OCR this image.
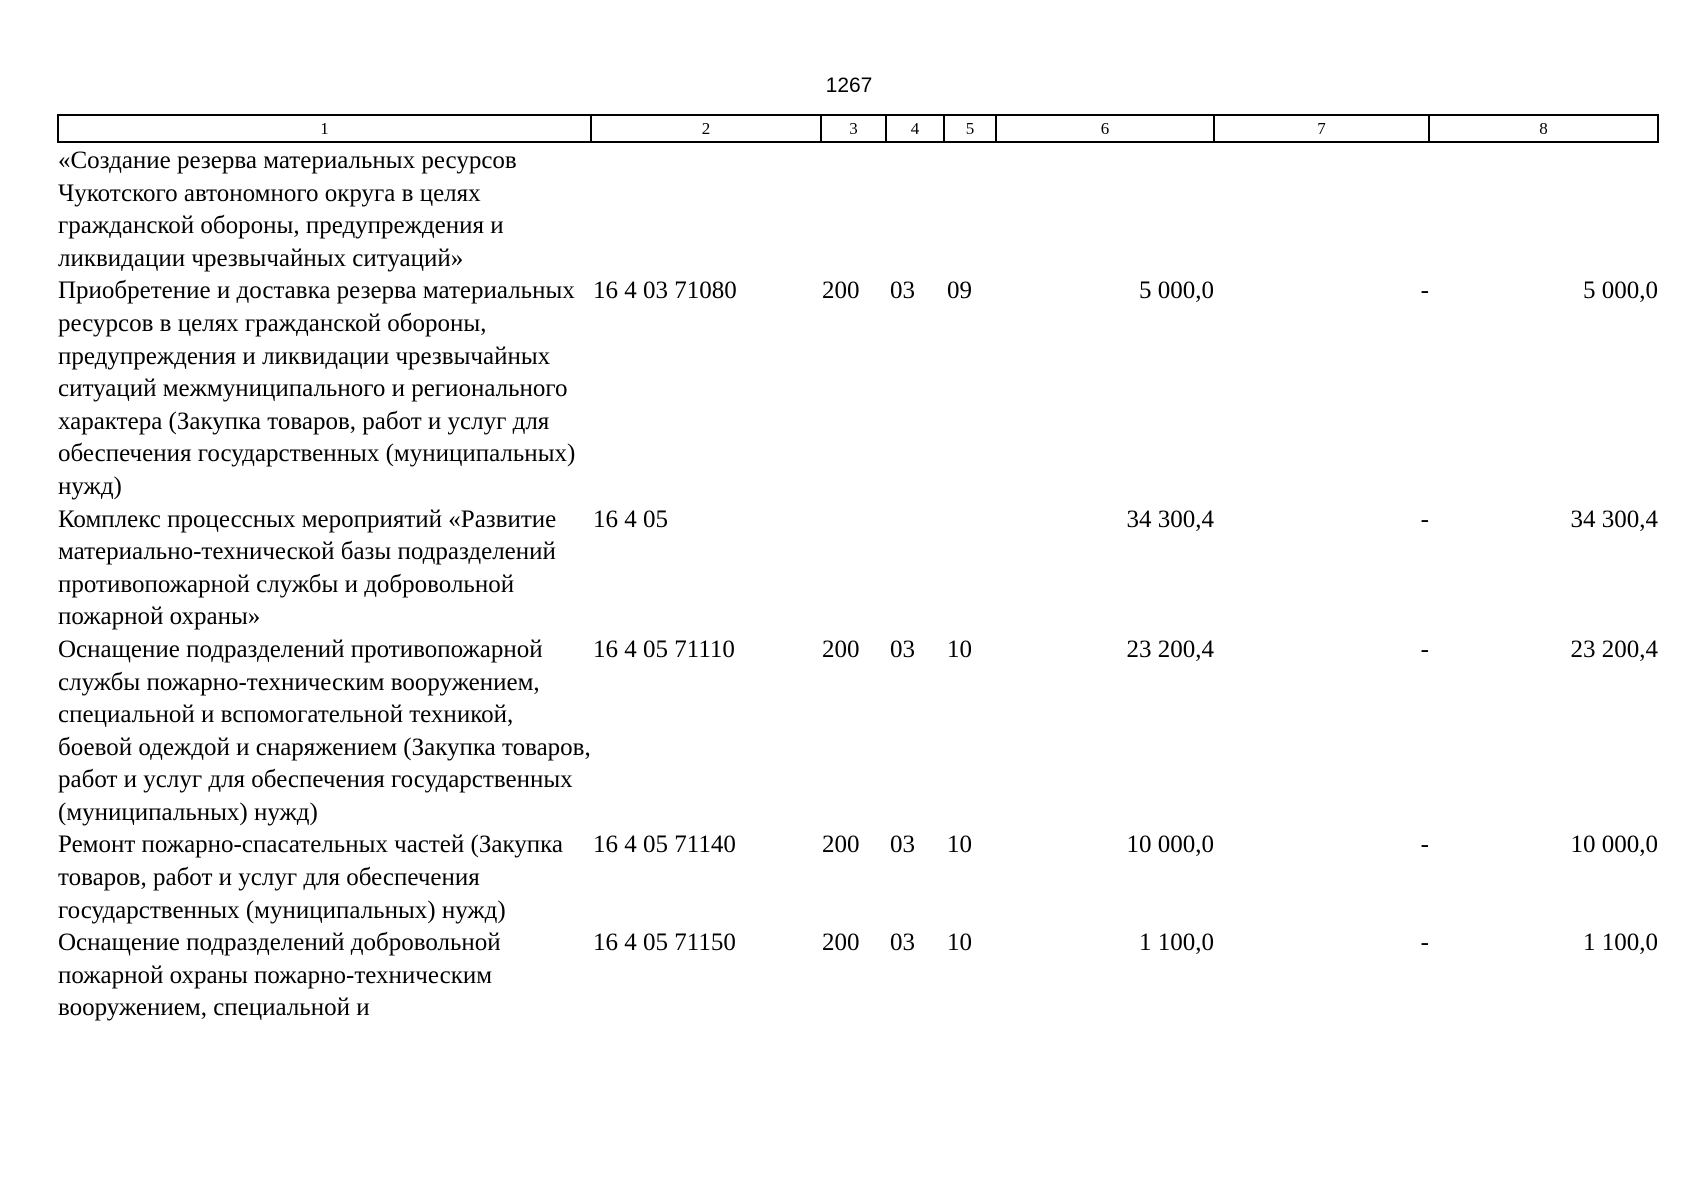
1267
1	2	3	4	5	6	7	8
«Создание резерва материальных ресурсов Чукотского автономного округа в целях гражданской обороны, предупреждения и ликвидации чрезвычайных ситуаций»							
Приобретение и доставка резерва материальных ресурсов в целях гражданской обороны, предупреждения и ликвидации чрезвычайных ситуаций межмуниципального и регионального характера (Закупка товаров, работ и услуг для обеспечения государственных (муниципальных) нужд)	16 4 03 71080	200	03	09	5 000,0	-	5 000,0
Комплекс процессных мероприятий «Развитие материально-технической базы подразделений противопожарной службы и добровольной пожарной охраны»	16 4 05				34 300,4	-	34 300,4
Оснащение подразделений противопожарной службы пожарно-техническим вооружением, специальной и вспомогательной техникой, боевой одеждой и снаряжением (Закупка товаров, работ и услуг для обеспечения государственных (муниципальных) нужд)	16 4 05 71110	200	03	10	23 200,4	-	23 200,4
Ремонт пожарно-спасательных частей (Закупка товаров, работ и услуг для обеспечения государственных (муниципальных) нужд)	16 4 05 71140	200	03	10	10 000,0	-	10 000,0
Оснащение подразделений добровольной пожарной охраны пожарно-техническим вооружением, специальной и	16 4 05 71150	200	03	10	1 100,0	-	1 100,0
